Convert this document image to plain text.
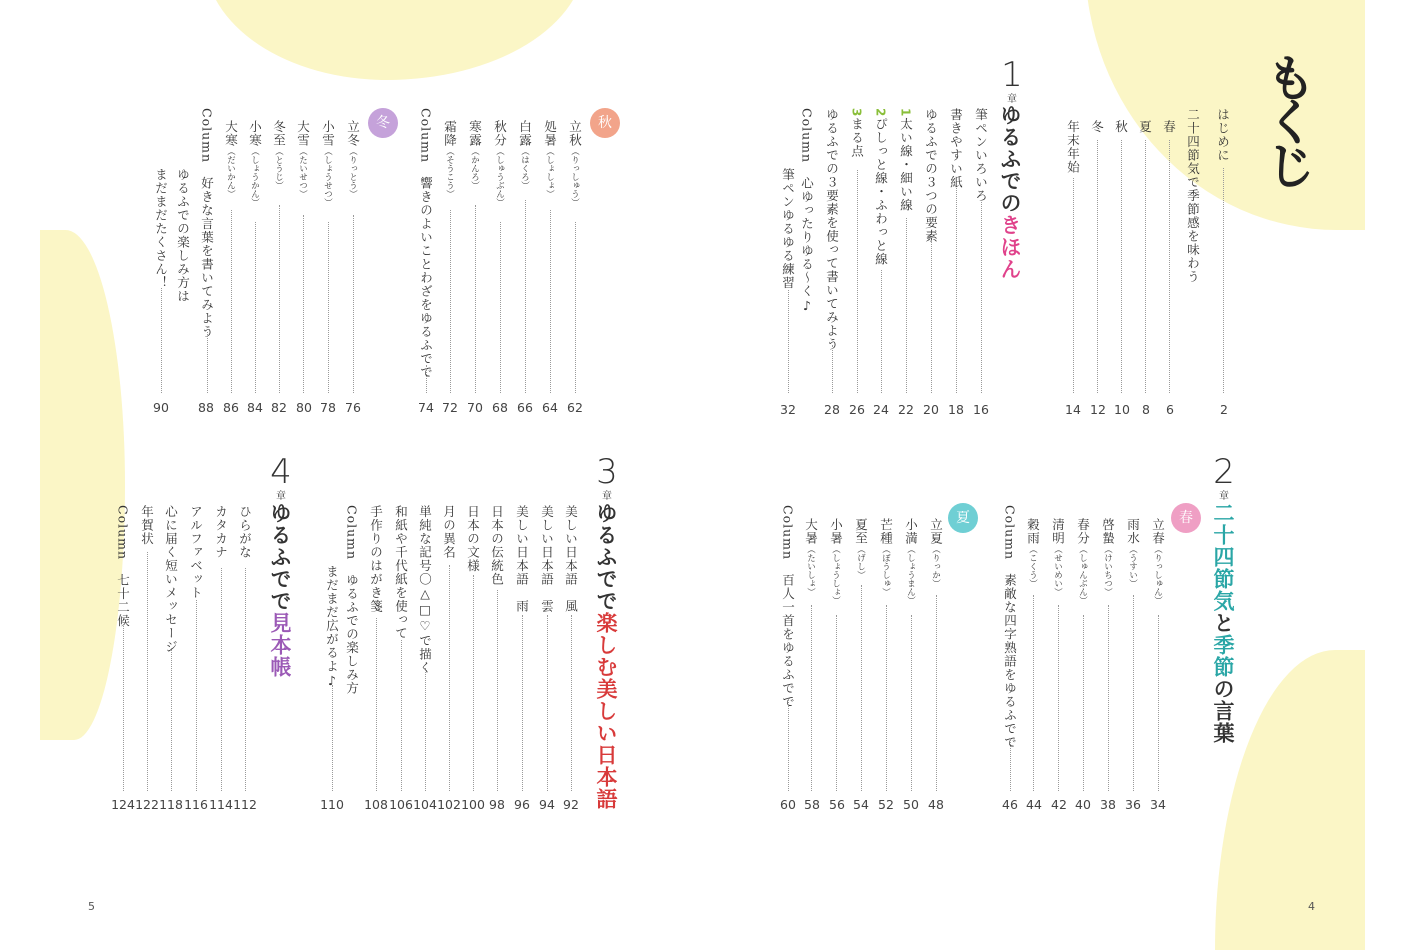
もくじ
はじめに
2
二十四節気で季節感を味わう
春
6
夏
8
秋
10
冬
12
年末年始
14
1
章
ゆるふでのきほん
筆ペンいろいろ
16
書きやすい紙
18
ゆるふでの３つの要素
20
1太い線・細い線
22
2ぴしっと線・ふわっと線
24
3まる点
26
ゆるふでの３要素を使って書いてみよう
28
Column　心ゆったりゆる〜く♪
筆ペンゆるゆる練習
32
2
章
二十四節気と季節の言葉
春
立春（りっしゅん）
34
雨水（うすい）
36
啓蟄（けいちつ）
38
春分（しゅんぶん）
40
清明（せいめい）
42
穀雨（こくう）
44
Column　素敵な四字熟語をゆるふでで
46
夏
立夏（りっか）
48
小満（しょうまん）
50
芒種（ぼうしゅ）
52
夏至（げし）
54
小暑（しょうしょ）
56
大暑（たいしょ）
58
Column　百人一首をゆるふでで
60
秋
立秋（りっしゅう）
62
処暑（しょしょ）
64
白露（はくろ）
66
秋分（しゅうぶん）
68
寒露（かんろ）
70
霜降（そうこう）
72
Column　響きのよいことわざをゆるふでで
74
冬
立冬（りっとう）
76
小雪（しょうせつ）
78
大雪（たいせつ）
80
冬至（とうじ）
82
小寒（しょうかん）
84
大寒（だいかん）
86
Column　好きな言葉を書いてみよう
88
ゆるふでの楽しみ方は
まだまだたくさん！
90
3
章
ゆるふでで楽しむ美しい日本語
美しい日本語　風
92
美しい日本語　雲
94
美しい日本語　雨
96
日本の伝統色
98
日本の文様
100
月の異名
102
単純な記号〇△□♡で描く
104
和紙や千代紙を使って
106
手作りのはがき箋
108
Column　ゆるふでの楽しみ方
まだまだ広がるよ♪
110
4
章
ゆるふでで見本帳
ひらがな
112
カタカナ
114
アルファベット
116
心に届く短いメッセージ
118
年賀状
122
Column　七十二候
124
5	4
